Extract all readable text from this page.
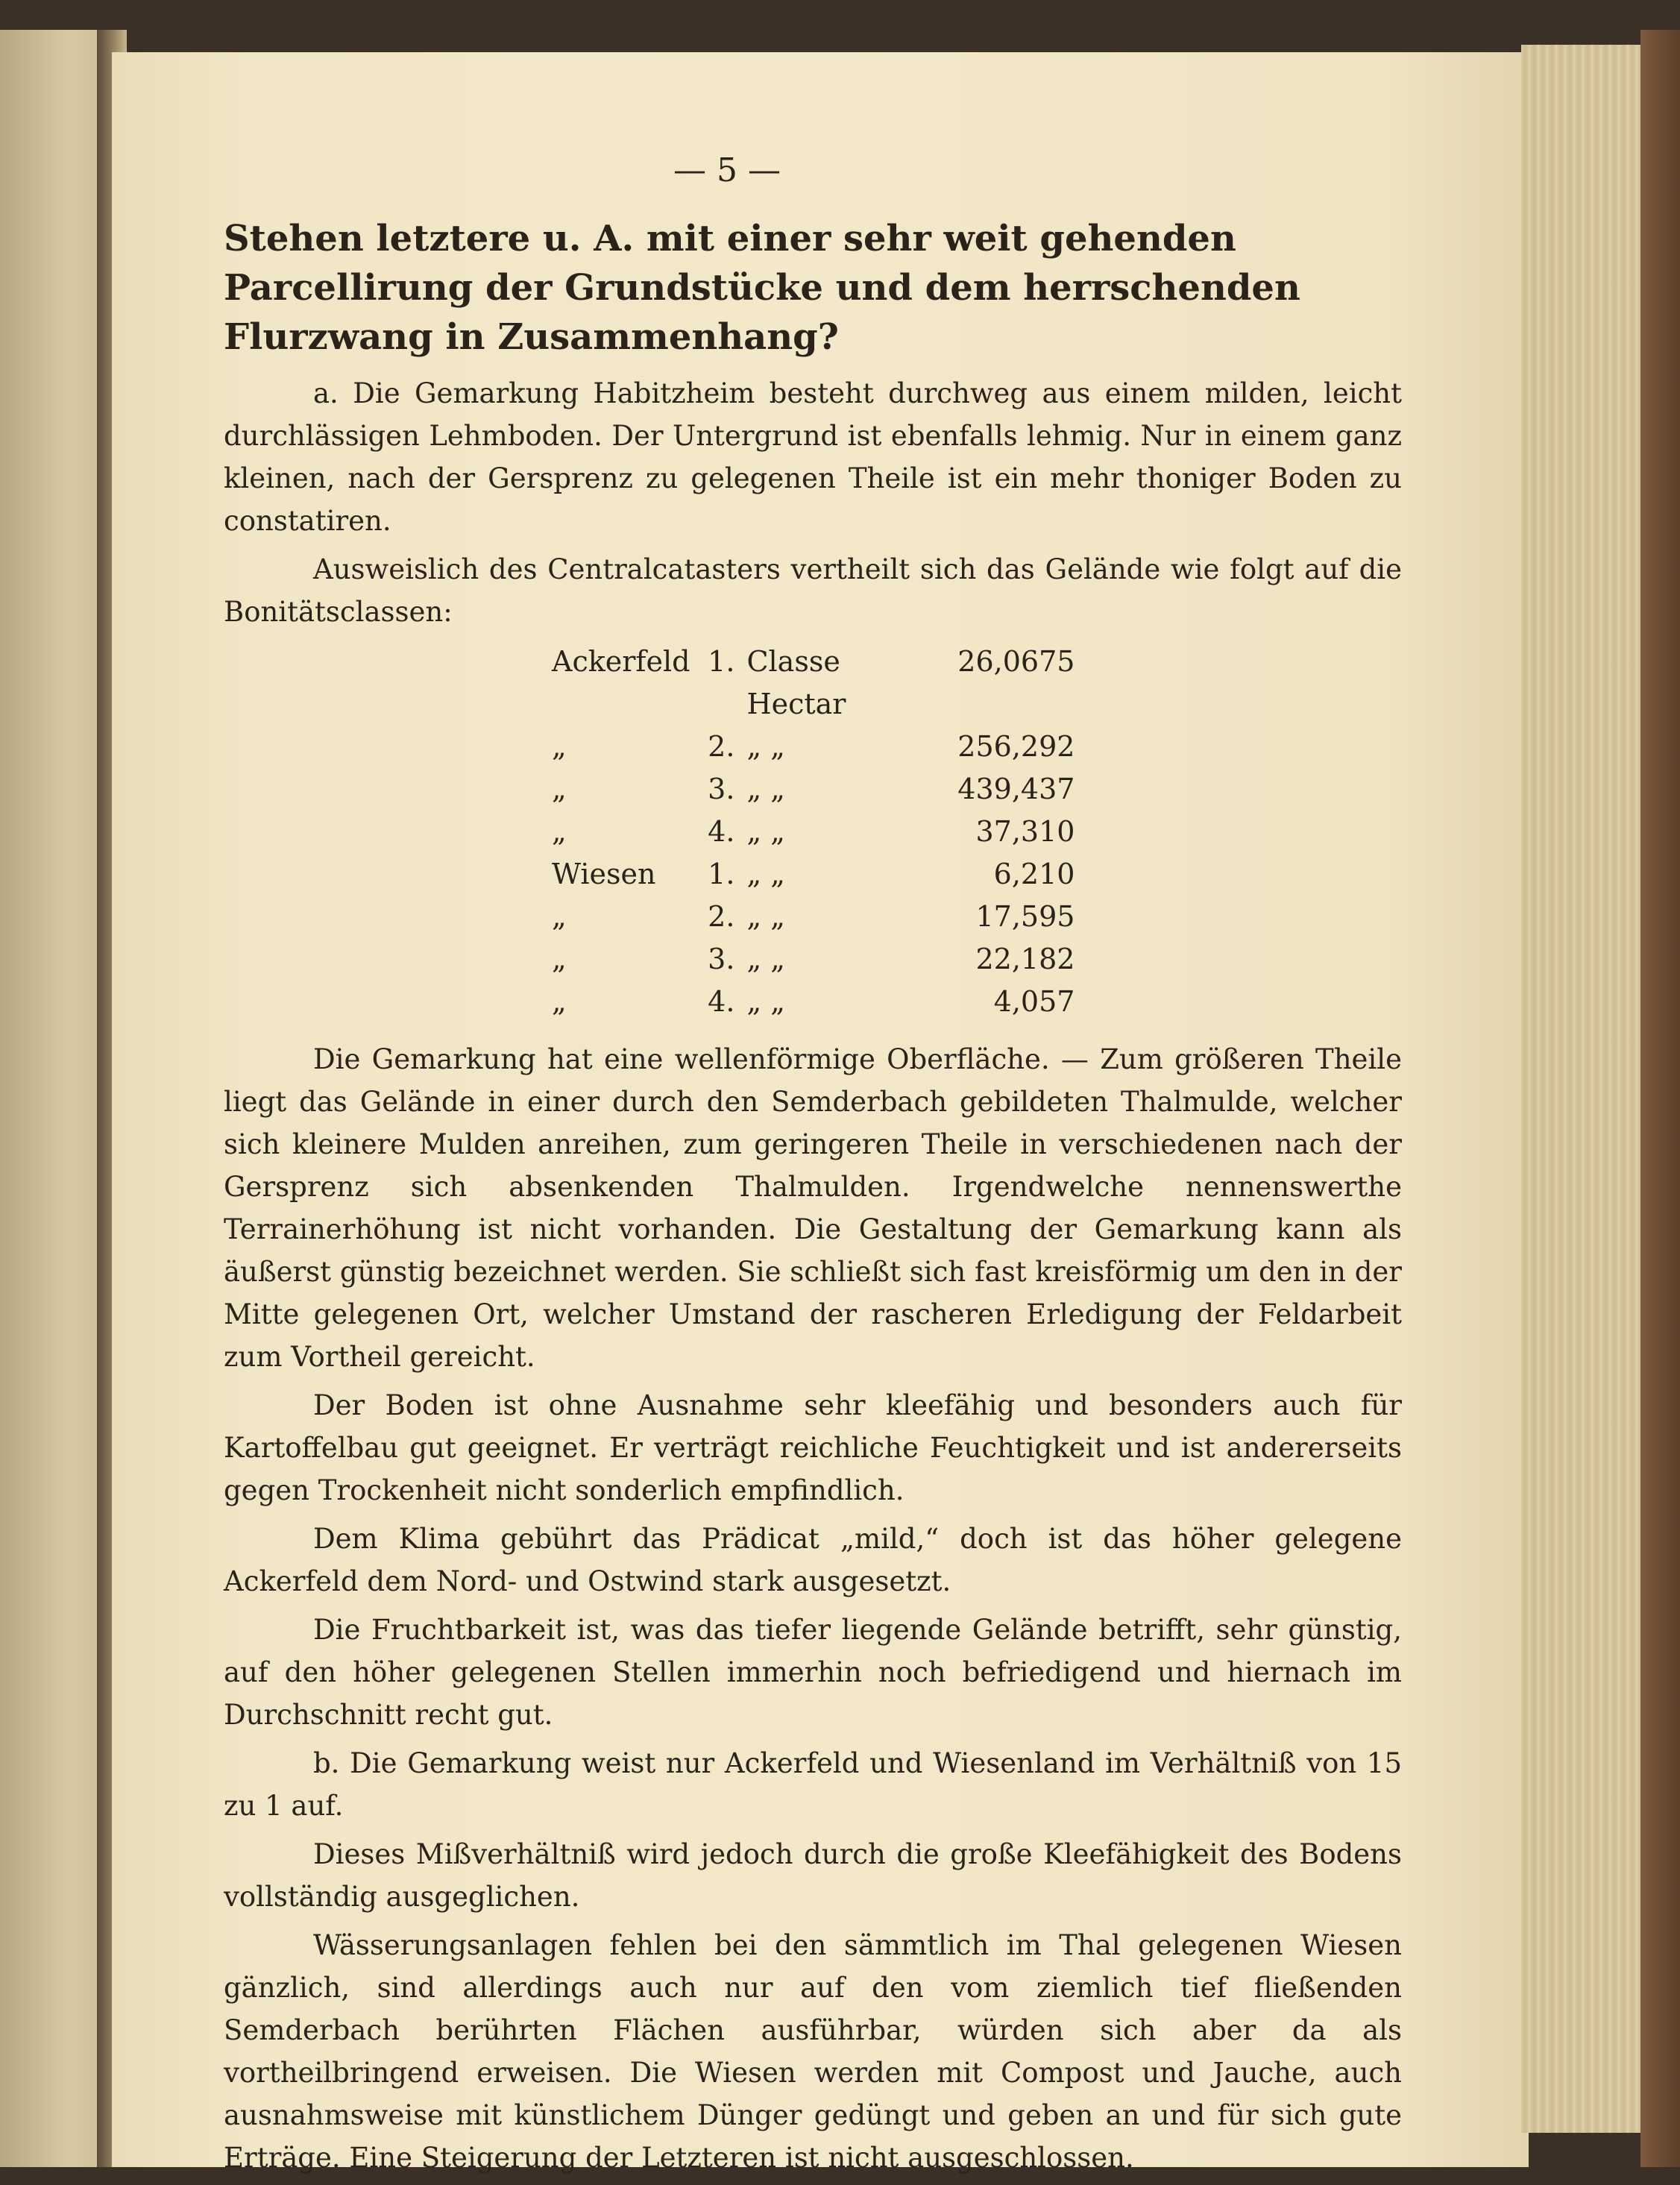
— 5 —
Stehen letztere u. A. mit einer sehr weit gehenden Parcellirung der Grundstücke und dem herrschenden Flurzwang in Zusammenhang?

a. Die Gemarkung Habitzheim besteht durchweg aus einem milden, leicht durchlässigen Lehmboden. Der Untergrund ist ebenfalls lehmig. Nur in einem ganz kleinen, nach der Gersprenz zu gelegenen Theile ist ein mehr thoniger Boden zu constatiren.

Ausweislich des Centralcatasters vertheilt sich das Gelände wie folgt auf die Bonitätsclassen:

Ackerfeld	1.	Classe Hectar	26,0675
„	2.	„ „	256,292
„	3.	„ „	439,437
„	4.	„ „	37,310
Wiesen	1.	„ „	6,210
„	2.	„ „	17,595
„	3.	„ „	22,182
„	4.	„ „	4,057

Die Gemarkung hat eine wellenförmige Oberfläche. — Zum größeren Theile liegt das Gelände in einer durch den Semderbach gebildeten Thalmulde, welcher sich kleinere Mulden anreihen, zum geringeren Theile in verschiedenen nach der Gersprenz sich absenkenden Thalmulden. Irgendwelche nennenswerthe Terrainerhöhung ist nicht vorhanden. Die Gestaltung der Gemarkung kann als äußerst günstig bezeichnet werden. Sie schließt sich fast kreisförmig um den in der Mitte gelegenen Ort, welcher Umstand der rascheren Erledigung der Feldarbeit zum Vortheil gereicht.

Der Boden ist ohne Ausnahme sehr kleefähig und besonders auch für Kartoffelbau gut geeignet. Er verträgt reichliche Feuchtigkeit und ist andererseits gegen Trockenheit nicht sonderlich empfindlich.

Dem Klima gebührt das Prädicat „mild,“ doch ist das höher gelegene Ackerfeld dem Nord- und Ostwind stark ausgesetzt.

Die Fruchtbarkeit ist, was das tiefer liegende Gelände betrifft, sehr günstig, auf den höher gelegenen Stellen immerhin noch befriedigend und hiernach im Durchschnitt recht gut.

b. Die Gemarkung weist nur Ackerfeld und Wiesenland im Verhältniß von 15 zu 1 auf.

Dieses Mißverhältniß wird jedoch durch die große Kleefähigkeit des Bodens vollständig ausgeglichen.

Wässerungsanlagen fehlen bei den sämmtlich im Thal gelegenen Wiesen gänzlich, sind allerdings auch nur auf den vom ziemlich tief fließenden Semderbach berührten Flächen ausführbar, würden sich aber da als vortheilbringend erweisen. Die Wiesen werden mit Compost und Jauche, auch ausnahmsweise mit künstlichem Dünger gedüngt und geben an und für sich gute Erträge. Eine Steigerung der Letzteren ist nicht ausgeschlossen.
